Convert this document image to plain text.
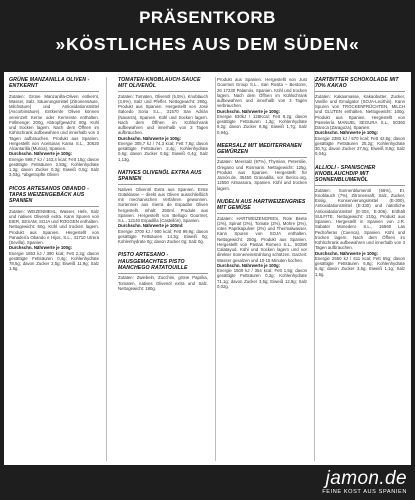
PRÄSENTKORB
»KÖSTLICHES AUS DEM SÜDEN«
GRÜNE MANZANILLA OLIVEN - ENTKERNT
Zutaten: Grüne Manzanilla-Oliven entkernt, Wasser, Salz, Säuerungsmittel (Zitronensäure, Milchsäure) und Antioxidationsmittel (Ascorbinsäure). Entkernte Oliven können vereinzelt Kerne oder Kernreste enthalten. Füllmenge: 200g, Abtropfgewicht: 80g. Kühl und trocken lagern. Nach dem Öffnen im Kühlschrank aufbewahren und innerhalb von 3 Tagen aufbrauchen. Produkt aus Spanien. Hergestellt von Aceitunas Kama S.L., 30620 Alcantarilla (Murcia), Spanien.
Durchschn. Nährwerte je 100g:
Energie 598,7 kJ / 143,4 kcal; Fett 15g; davon gesättigte Fettsäuren 2,83g; Kohlenhydrate 1,3g; davon Zucker 0,3g; Eiweiß 0,5g; Salz 3,03g. *abgetropfte Oliven
PICOS ARTESANOS OBANDO - TAPAS WEIZENGEBÄCK AUS SPANIEN
Zutaten: WEIZENMEHL, Wasser, Hefe, Salz und natives Olivenöl extra. Kann Spuren von EIER, SESAM, SOJA und ROGGEN enthalten. Nettogewicht: 60g. Kühl und trocken lagern. Produkt aus Spanien. Hergestellt von Panadería Obando e Hijos, S.L., 41710 Utrera (Sevilla), Spanien.
Durchschn. Nährwerte je 100g:
Energie 1653 kJ / 390 kcal; Fett 2,2g; davon gesättigte Fettsäuren 0,4g; Kohlenhydrate 78,5g; davon Zucker 2,5g; Eiweiß 11,9g; Salz 1,8g.
TOMATEN-KNOBLAUCH-SAUCE MIT OLIVENÖL
Zutaten: Tomaten, Olivenöl (5,5%), Knoblauch (3,5%), Salz und Pfeffer. Nettogewicht: 290g. Produkt aus Spanien. Hergestellt von José Salcedo Soria S.L., 31570 San Adrián (Navarra), Spanien. Kühl und trocken lagern. Nach dem Öffnen im Kühlschrank aufbewahren und innerhalb von 3 Tagen aufbrauchen.
Durchschn. Nährwerte je 100g:
Energie 305,7 kJ / 74,3 kcal; Fett 7,8g; davon gesättigte Fettsäuren 2,4g; Kohlenhydrate 0,6g; davon Zucker 0,5g; Eiweiß 0,4g; Salz 1,13g.
NATIVES OLIVENÖL EXTRA AUS SPANIEN
Natives Olivenöl Extra aus Spanien. Erste Güteklasse – direkt aus Oliven ausschließlich mit mechanischen Verfahren gewonnen. Sortenrein aus Sierra de Espadán Oliven hergestellt. Inhalt: 250ml. Produkt aus Spanien. Hergestellt von Bellugo Gourmet, S.L., 12140 Espadilla (Castellón), Spanien.
Durchschn. Nährwerte je 100ml:
Energie 3700 kJ / 900 kcal; Fett 99,9g; davon gesättigte Fettsäuren 14,3g; Eiweiß 0g; Kohlenhydrate 0g; davon Zucker 0g; Salz 0g.
PISTO ARTESANO - HAUSGEMACHTES PISTO MANCHEGO RATATOUILLE
Zutaten: Zwiebeln, Zucchini, grüne Paprika, Tomaten, natives Olivenöl extra und Salz. Nettogewicht: 180g.
Produkt aus Spanien. Hergestellt von Just Gourmet Group S.L., San Rosita – Bestorre, 26 17230 Palamós, Spanien. Kühl und trocken lagern. Nach dem Öffnen im Kühlschrank aufbewahren und innerhalb von 3 Tagen verbrauchen.
Durchschn. Nährwerte je 100g:
Energie 530kJ / 128Kcal; Fett 8,2g; davon gesättigte Fettsäuren 1,3g; Kohlenhydrate 9,2g; davon Zucker 8,8g; Eiweiß 1,7g; Salz 0,94g.
MEERSALZ MIT MEDITERRANEN GEWÜRZEN
Zutaten: Meersalz (97%), Thymian, Petersilie, Oregano und Rosmarin. Nettogewicht: 125g. Produkt aus Spanien. Hergestellt für Jamón.de, 35450 Granadilla, vor Iberico.org, 12550 Almassora, Spanien. Kühl und trocken lagern.
NUDELN AUS HARTWEIZENGRIES MIT GEMÜSE
Zutaten: HARTWEIZENGRIES, Rote Beete (2%), Spinat (2%), Tomate (2%), Möhre (2%), rotes Paprikapulver (2%) und Thermalwasser. Kann Spuren von SOJA enthalten. Nettogewicht: 250g. Produkt aus Spanien. Hergestellt von Pastas Romero S.L., 50290 Calatayud. Kühl und trocken lagern und vor direkter Sonneneinstrahlung schützen. Garzeit: Wasser gesalzen und 10-15 Minuten kochen.
Durchschn. Nährwerte je 100g:
Energie 1500 kJ / 354 kcal; Fett 1,5g; davon gesättigte Fettsäuren 0,3g; Kohlenhydrate 71,1g; davon Zucker 3,5g; Eiweiß 12,9g; Salz 0,02g.
ZARTBITTER SCHOKOLADE MIT 70% KAKAO
Zutaten: Kakaomasse, Kakaobutter, Zucker, Vanille und Emulgator (SOJA-Lecithin). Kann Spuren von TROCKENFRÜCHTEN, MILCH und GLUTEN enthalten. Nettogewicht: 100g. Produkt aus Spanien. Hergestellt von Pastelería MANUEL SEGURA S.L., 50360 Daroca (Zaragoza), Spanien.
Durchschn. Nährwerte je 100g:
Energie 2380 kJ / 570 kcal; Fett 42,8g; davon gesättigte Fettsäuren 25,2g; Kohlenhydrate 30,7g; davon Zucker 27,5g; Eiweiß 8,9g; Salz 0,04g.
ALLIOLI - SPANISCHER KNOBLAUCHDIP MIT SONNENBLUMENÖL
Zutaten: Sonnenblumenöl (66%), EI, Knoblauch (7%), Zitronensaft, Salz, Zucker, Essig, Konservierungsmittel (E-300), Antioxidationsmittel (E-330) und natürliche Antioxidationsmittel (E-304, E-306). Enthält SULFITE. Nettogewicht: 210g. Produkt aus Spanien. Hergestellt in Spanien von J.R. Sabater Monedero S.L., 16660 Las Pedroñeras (Cuenca), Spanien. Kühl und trocken lagern. Nach dem Öffnen im Kühlschrank aufbewahren und innerhalb von 3 Tagen aufbrauchen.
Durchschn. Nährwerte je 100g:
Energie 2550 kJ / 611 kcal; Fett 65g; davon gesättigte Fettsäuren 6,8g; Kohlenhydrate 6,4g; davon Zucker 3,5g; Eiweiß 1,1g; Salz 1,6g.
jamon.de
FEINE KOST AUS SPANIEN
